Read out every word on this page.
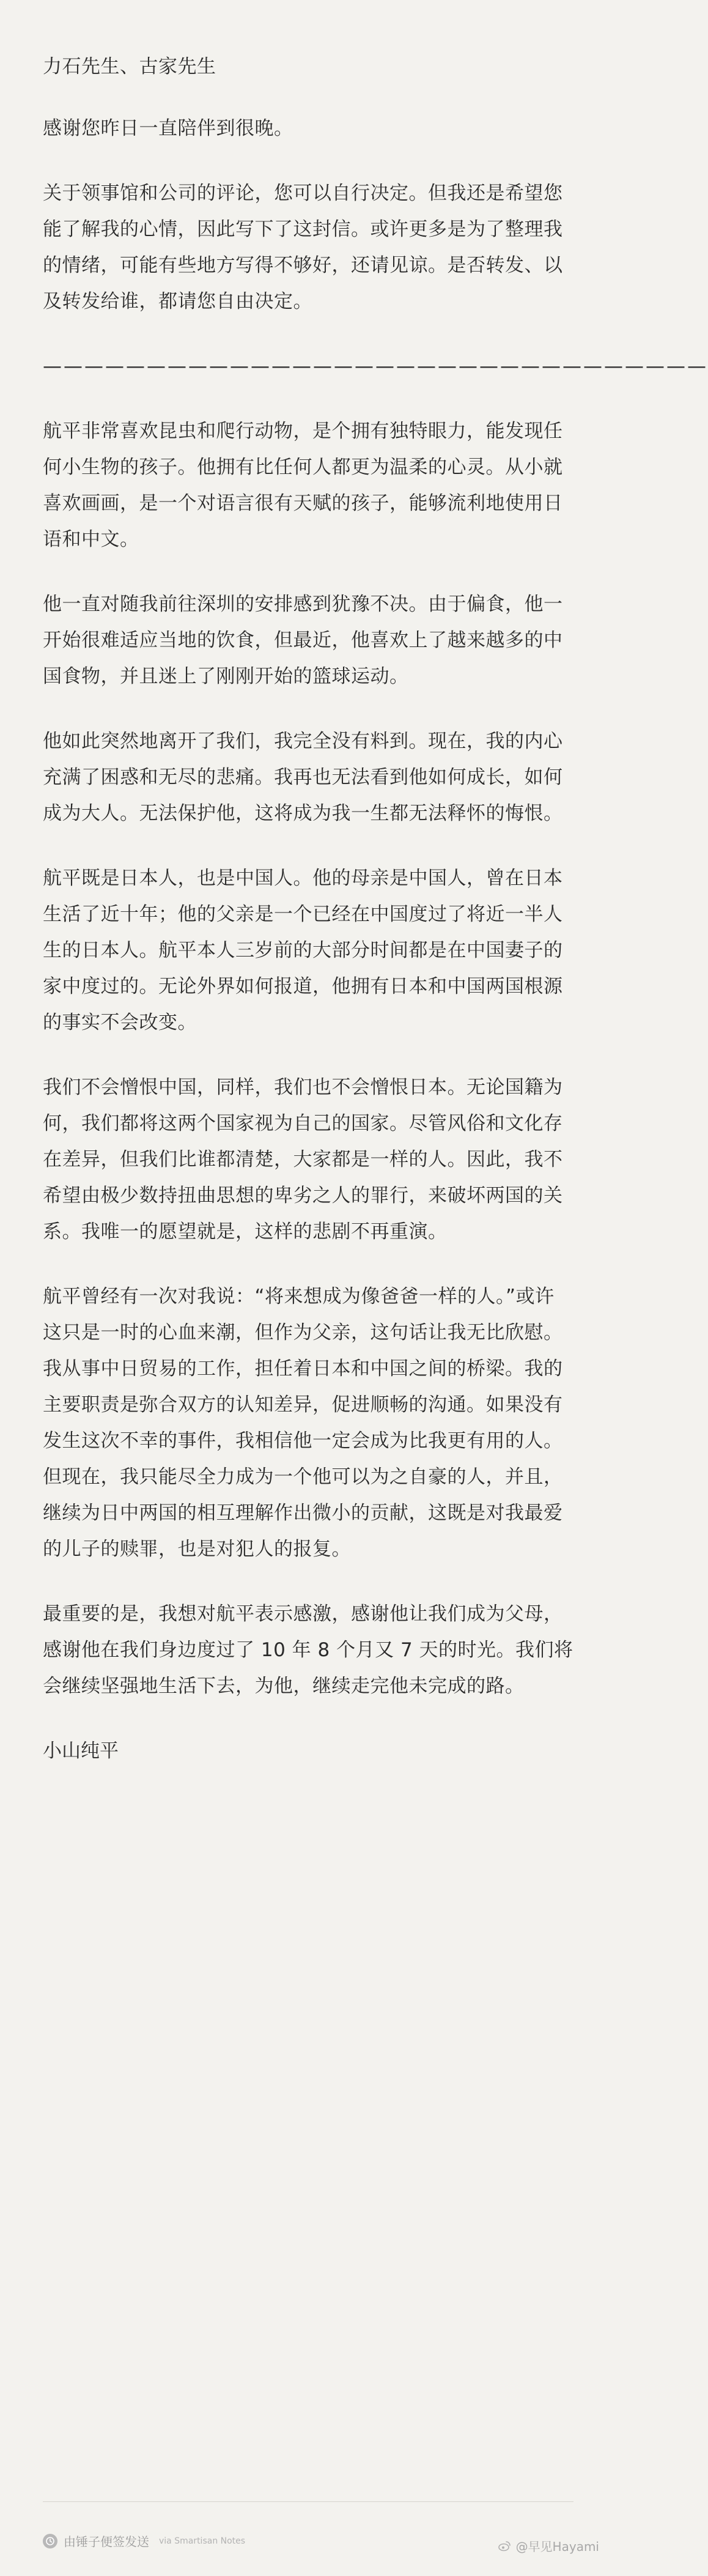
力石先生、古家先生

感谢您昨日一直陪伴到很晚。

关于领事馆和公司的评论，您可以自行决定。但我还是希望您能了解我的心情，因此写下了这封信。或许更多是为了整理我的情绪，可能有些地方写得不够好，还请见谅。是否转发、以及转发给谁，都请您自由决定。

————————————————————————————————

航平非常喜欢昆虫和爬行动物，是个拥有独特眼力，能发现任何小生物的孩子。他拥有比任何人都更为温柔的心灵。从小就喜欢画画，是一个对语言很有天赋的孩子，能够流利地使用日语和中文。

他一直对随我前往深圳的安排感到犹豫不决。由于偏食，他一开始很难适应当地的饮食，但最近，他喜欢上了越来越多的中国食物，并且迷上了刚刚开始的篮球运动。

他如此突然地离开了我们，我完全没有料到。现在，我的内心充满了困惑和无尽的悲痛。我再也无法看到他如何成长，如何成为大人。无法保护他，这将成为我一生都无法释怀的悔恨。

航平既是日本人，也是中国人。他的母亲是中国人，曾在日本生活了近十年；他的父亲是一个已经在中国度过了将近一半人生的日本人。航平本人三岁前的大部分时间都是在中国妻子的家中度过的。无论外界如何报道，他拥有日本和中国两国根源的事实不会改变。

我们不会憎恨中国，同样，我们也不会憎恨日本。无论国籍为何，我们都将这两个国家视为自己的国家。尽管风俗和文化存在差异，但我们比谁都清楚，大家都是一样的人。因此，我不希望由极少数持扭曲思想的卑劣之人的罪行，来破坏两国的关系。我唯一的愿望就是，这样的悲剧不再重演。

航平曾经有一次对我说：“将来想成为像爸爸一样的人。”或许这只是一时的心血来潮，但作为父亲，这句话让我无比欣慰。我从事中日贸易的工作，担任着日本和中国之间的桥梁。我的主要职责是弥合双方的认知差异，促进顺畅的沟通。如果没有发生这次不幸的事件，我相信他一定会成为比我更有用的人。但现在，我只能尽全力成为一个他可以为之自豪的人，并且，继续为日中两国的相互理解作出微小的贡献，这既是对我最爱的儿子的赎罪，也是对犯人的报复。

最重要的是，我想对航平表示感激，感谢他让我们成为父母，感谢他在我们身边度过了 10 年 8 个月又 7 天的时光。我们将会继续坚强地生活下去，为他，继续走完他未完成的路。

小山纯平

由锤子便签发送 via Smartisan Notes	@早见Hayami
